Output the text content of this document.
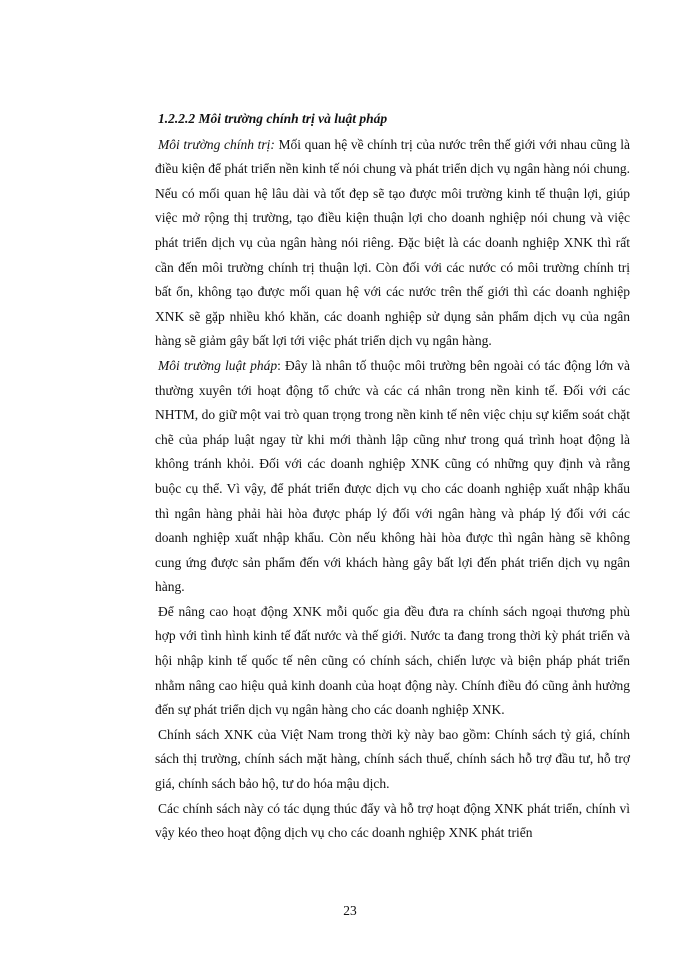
1.2.2.2 Môi trường chính trị và luật pháp

Môi trường chính trị: Mối quan hệ về chính trị của nước trên thế giới với nhau cũng là điều kiện để phát triển nền kinh tế nói chung và phát triển dịch vụ ngân hàng nói chung. Nếu có mối quan hệ lâu dài và tốt đẹp sẽ tạo được môi trường kinh tế thuận lợi, giúp việc mở rộng thị trường, tạo điều kiện thuận lợi cho doanh nghiệp nói chung và việc phát triển dịch vụ của ngân hàng nói riêng. Đặc biệt là các doanh nghiệp XNK thì rất cần đến môi trường chính trị thuận lợi. Còn đối với các nước có môi trường chính trị bất ổn, không tạo được mối quan hệ với các nước trên thế giới thì các doanh nghiệp XNK sẽ gặp nhiều khó khăn, các doanh nghiệp sử dụng sản phẩm dịch vụ của ngân hàng sẽ giảm gây bất lợi tới việc phát triển dịch vụ ngân hàng.

Môi trường luật pháp: Đây là nhân tố thuộc môi trường bên ngoài có tác động lớn và thường xuyên tới hoạt động tổ chức và các cá nhân trong nền kinh tế. Đối với các NHTM, do giữ một vai trò quan trọng trong nền kinh tế nên việc chịu sự kiểm soát chặt chẽ của pháp luật ngay từ khi mới thành lập cũng như trong quá trình hoạt động là không tránh khỏi. Đối với các doanh nghiệp XNK cũng có những quy định và rằng buộc cụ thể. Vì vậy, để phát triển được dịch vụ cho các doanh nghiệp xuất nhập khẩu thì ngân hàng phải hài hòa được pháp lý đối với ngân hàng và pháp lý đối với các doanh nghiệp xuất nhập khẩu. Còn nếu không hài hòa được thì ngân hàng sẽ không cung ứng được sản phẩm đến với khách hàng gây bất lợi đến phát triển dịch vụ ngân hàng.

Để nâng cao hoạt động XNK mỗi quốc gia đều đưa ra chính sách ngoại thương phù hợp với tình hình kinh tế đất nước và thế giới. Nước ta đang trong thời kỳ phát triển và hội nhập kinh tế quốc tế nên cũng có chính sách, chiến lược và biện pháp phát triển nhằm nâng cao hiệu quả kinh doanh của hoạt động này. Chính điều đó cũng ảnh hưởng đến sự phát triển dịch vụ ngân hàng cho các doanh nghiệp XNK.

Chính sách XNK của Việt Nam trong thời kỳ này bao gồm: Chính sách tỷ giá, chính sách thị trường, chính sách mặt hàng, chính sách thuế, chính sách hỗ trợ đầu tư, hỗ trợ giá, chính sách bảo hộ, tư do hóa mậu dịch.

Các chính sách này có tác dụng thúc đẩy và hỗ trợ hoạt động XNK phát triển, chính vì vậy kéo theo hoạt động dịch vụ cho các doanh nghiệp XNK phát triển

23
